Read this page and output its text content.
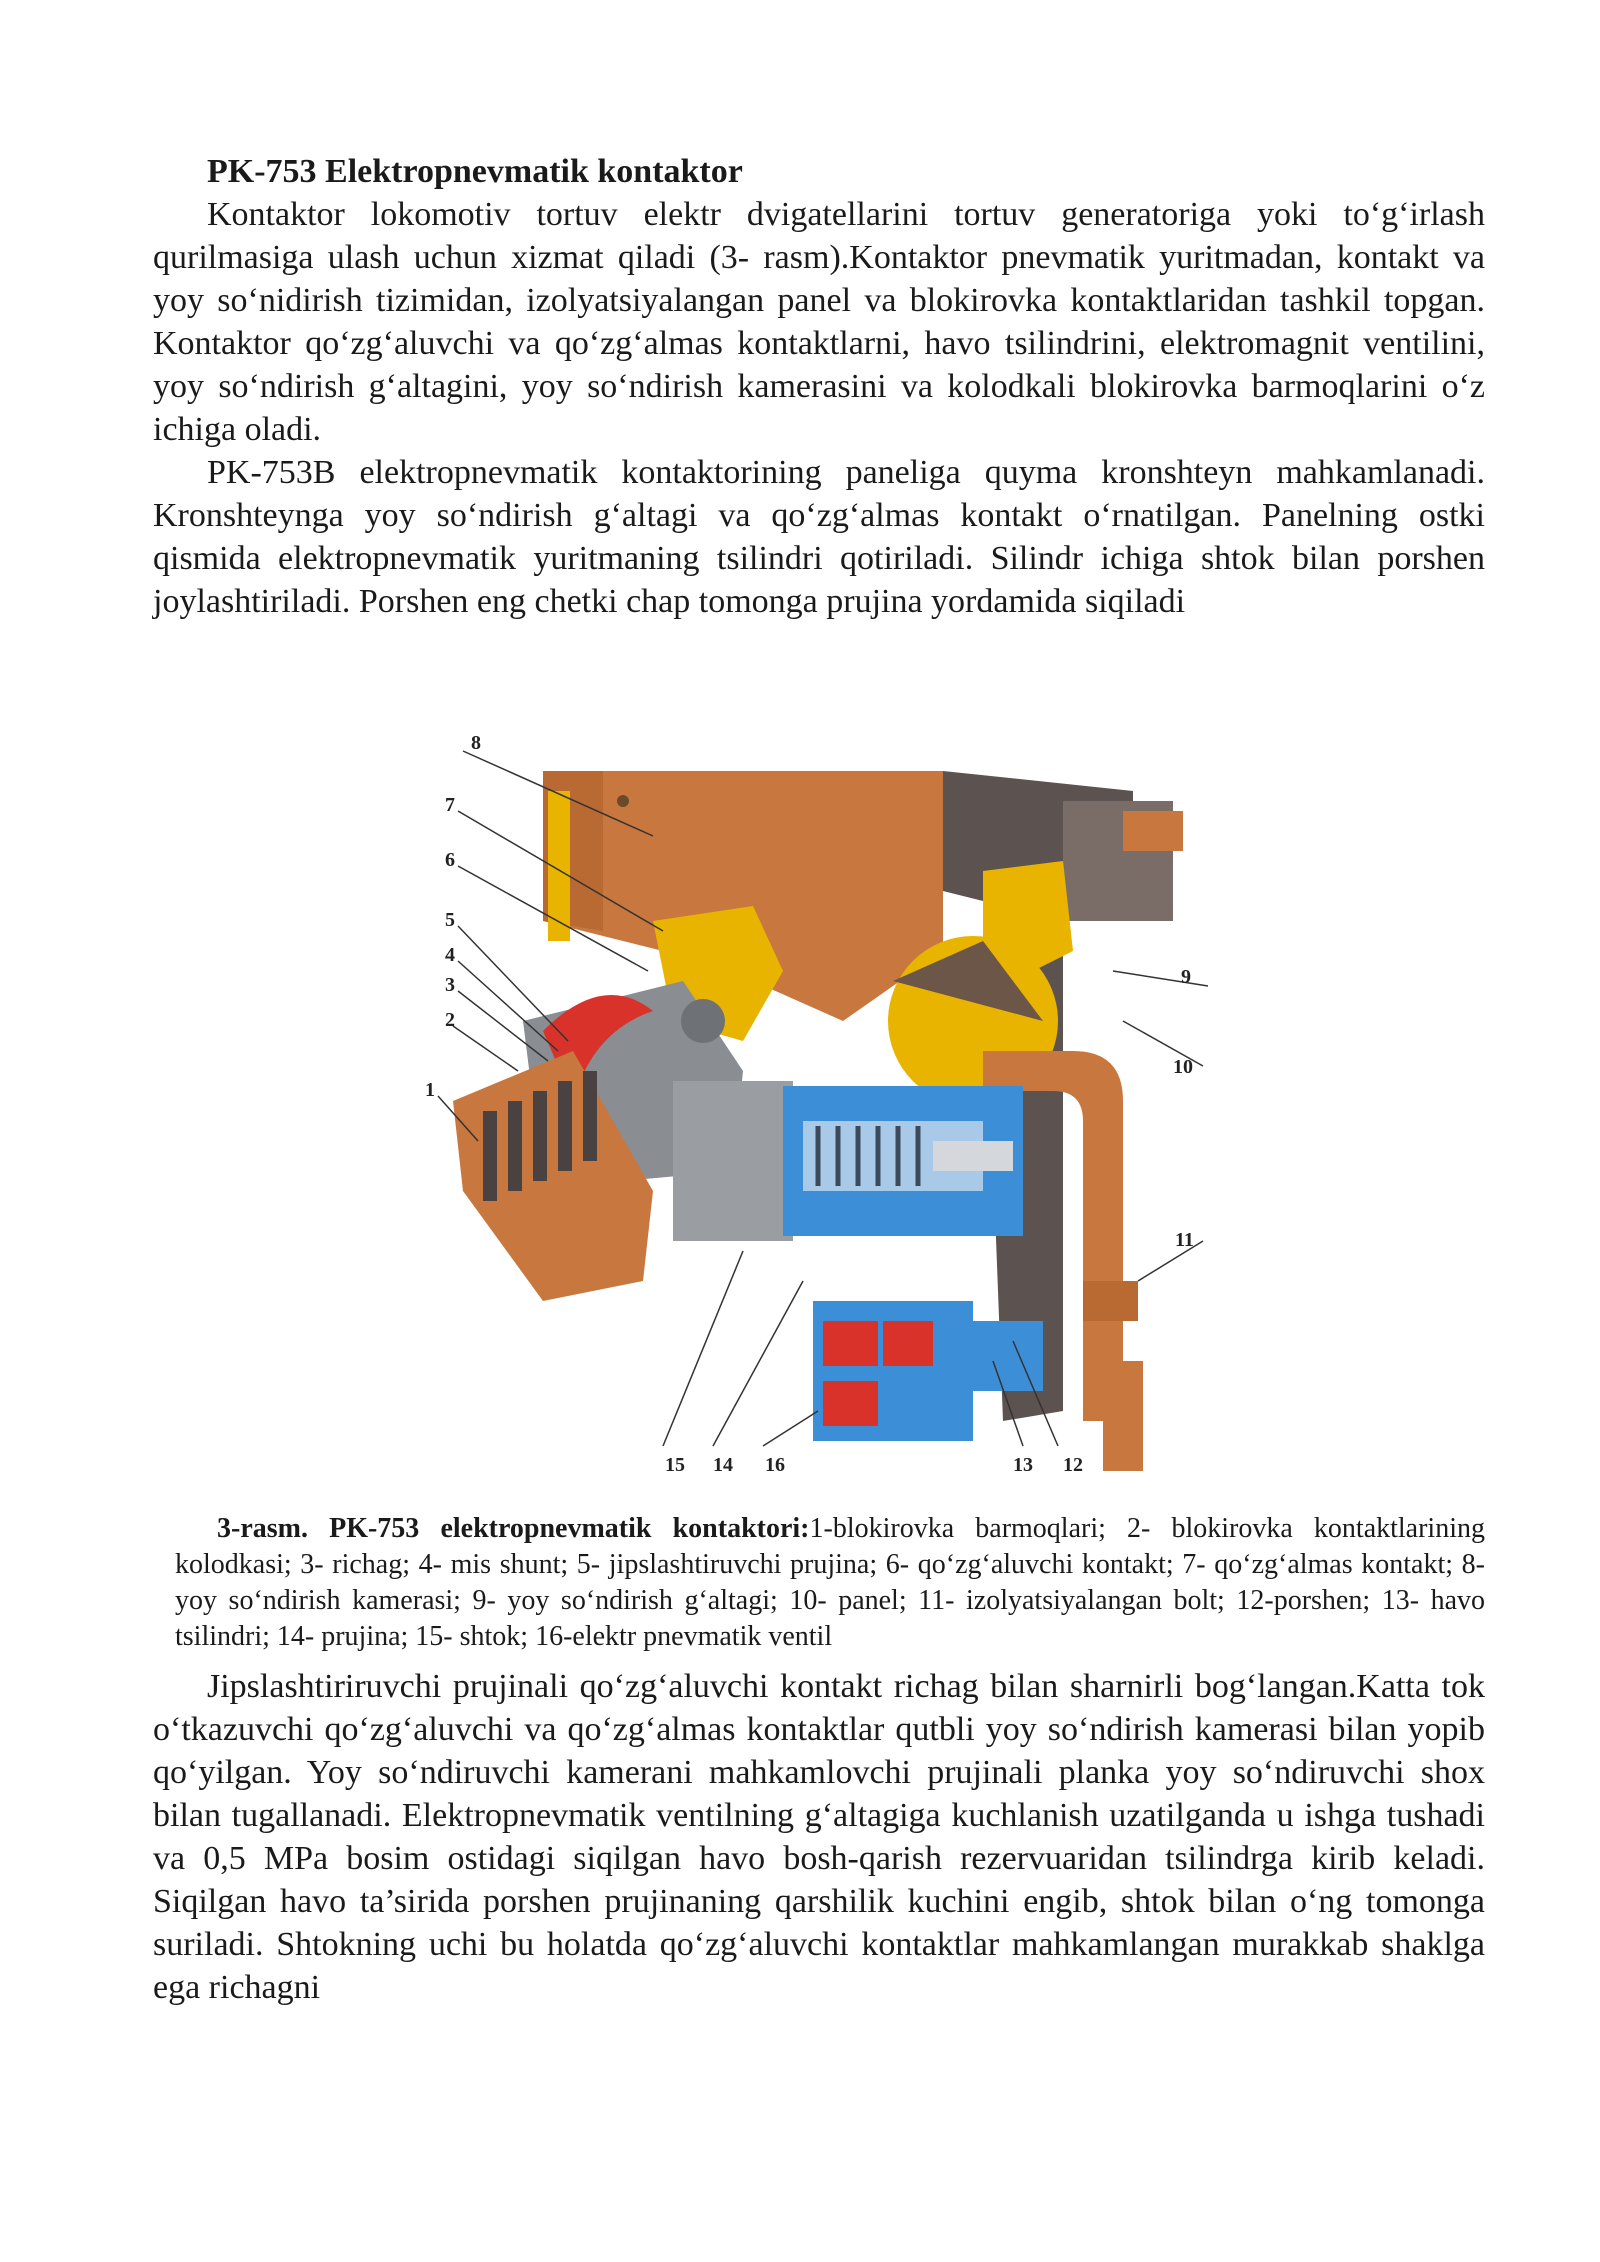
PK-753 Elektropnevmatik kontaktor

Kontaktor lokomotiv tortuv elektr dvigatellarini tortuv generatoriga yoki to‘g‘irlash qurilmasiga ulash uchun xizmat qiladi (3- rasm).Kontaktor pnevmatik yuritmadan, kontakt va yoy so‘nidirish tizimidan, izolyatsiyalangan panel va blokirovka kontaktlaridan tashkil topgan. Kontaktor qo‘zg‘aluvchi va qo‘zg‘almas kontaktlarni, havo tsilindrini, elektromagnit ventilini, yoy so‘ndirish g‘altagini, yoy so‘ndirish kamerasini va kolodkali blokirovka barmoqlarini o‘z ichiga oladi.

PK-753B elektropnevmatik kontaktorining paneliga quyma kronshteyn mahkamlanadi. Kronshteynga yoy so‘ndirish g‘altagi va qo‘zg‘almas kontakt o‘rnatilgan. Panelning ostki qismida elektropnevmatik yuritmaning tsilindri qotiriladi. Silindr ichiga shtok bilan porshen joylashtiriladi. Porshen eng chetki chap tomonga prujina yordamida siqiladi

8
7
6
5
4
3
2
1
9
10
11
12
13
15 14 16

3-rasm. PK-753 elektropnevmatik kontaktori:1-blokirovka barmoqlari; 2- blokirovka kontaktlarining kolodkasi; 3- richag; 4- mis shunt; 5- jipslashtiruvchi prujina; 6- qo‘zg‘aluvchi kontakt; 7- qo‘zg‘almas kontakt; 8- yoy so‘ndirish kamerasi; 9- yoy so‘ndirish g‘altagi; 10- panel; 11- izolyatsiyalangan bolt; 12-porshen; 13- havo tsilindri; 14- prujina; 15- shtok; 16-elektr pnevmatik ventil

Jipslashtiriruvchi prujinali qo‘zg‘aluvchi kontakt richag bilan sharnirli bog‘langan.Katta tok o‘tkazuvchi qo‘zg‘aluvchi va qo‘zg‘almas kontaktlar qutbli yoy so‘ndirish kamerasi bilan yopib qo‘yilgan. Yoy so‘ndiruvchi kamerani mahkamlovchi prujinali planka yoy so‘ndiruvchi shox bilan tugallanadi. Elektropnevmatik ventilning g‘altagiga kuchlanish uzatilganda u ishga tushadi va 0,5 MPa bosim ostidagi siqilgan havo bosh-qarish rezervuaridan tsilindrga kirib keladi. Siqilgan havo ta’sirida porshen prujinaning qarshilik kuchini engib, shtok bilan o‘ng tomonga suriladi. Shtokning uchi bu holatda qo‘zg‘aluvchi kontaktlar mahkamlangan murakkab shaklga ega richagni
